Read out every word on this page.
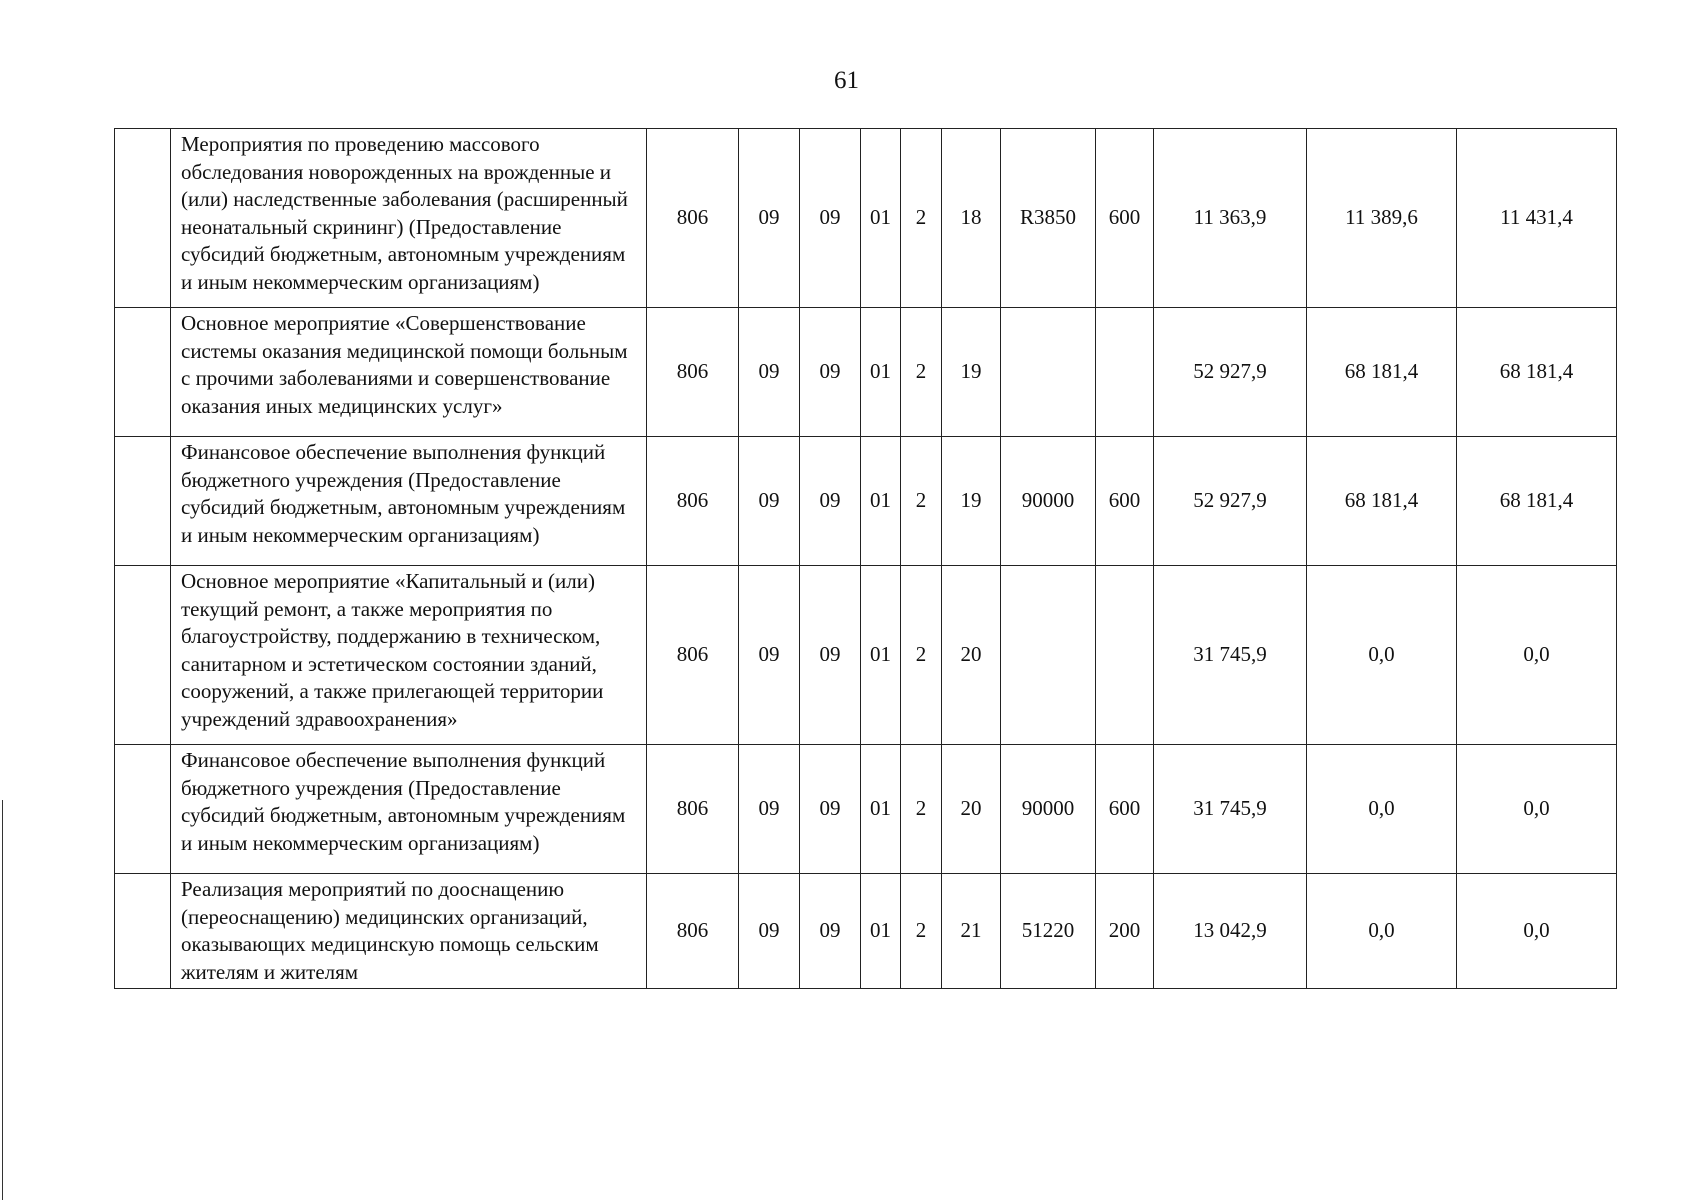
61
	Мероприятия по проведению массового обследования новорожденных на врожденные и (или) наследственные заболевания (расширенный неонатальный скрининг) (Предоставление субсидий бюджетным, автономным учреждениям и иным некоммерческим организациям)	806	09	09	01	2	18	R3850	600	11 363,9	11 389,6	11 431,4
	Основное мероприятие «Совершенствование системы оказания медицинской помощи больным с прочими заболеваниями и совершенствование оказания иных медицинских услуг»	806	09	09	01	2	19			52 927,9	68 181,4	68 181,4
	Финансовое обеспечение выполнения функций бюджетного учреждения (Предоставление субсидий бюджетным, автономным учреждениям и иным некоммерческим организациям)	806	09	09	01	2	19	90000	600	52 927,9	68 181,4	68 181,4
	Основное мероприятие «Капитальный и (или) текущий ремонт, а также мероприятия по благоустройству, поддержанию в техническом, санитарном и эстетическом состоянии зданий, сооружений, а также прилегающей территории учреждений здравоохранения»	806	09	09	01	2	20			31 745,9	0,0	0,0
	Финансовое обеспечение выполнения функций бюджетного учреждения (Предоставление субсидий бюджетным, автономным учреждениям и иным некоммерческим организациям)	806	09	09	01	2	20	90000	600	31 745,9	0,0	0,0
	Реализация мероприятий по дооснащению (переоснащению) медицинских организаций, оказывающих медицинскую помощь сельским жителям и жителям	806	09	09	01	2	21	51220	200	13 042,9	0,0	0,0
